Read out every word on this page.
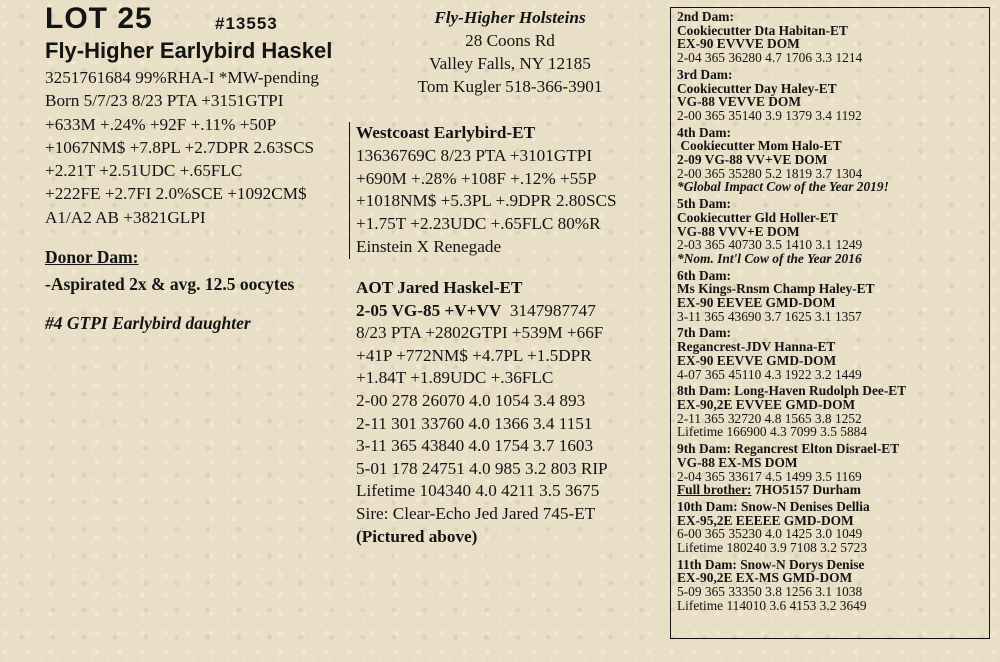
LOT 25	#13553
Fly-Higher Earlybird Haskel
3251761684 99%RHA-I *MW-pending
Born 5/7/23 8/23 PTA +3151GTPI
+633M +.24% +92F +.11% +50P
+1067NM$ +7.8PL +2.7DPR 2.63SCS
+2.21T +2.51UDC +.65FLC
+222FE +2.7FI 2.0%SCE +1092CM$
A1/A2 AB +3821GLPI
Donor Dam:
-Aspirated 2x & avg. 12.5 oocytes
#4 GTPI Earlybird daughter
Fly-Higher Holsteins
28 Coons Rd
Valley Falls, NY 12185
Tom Kugler 518-366-3901
Westcoast Earlybird-ET
13636769C 8/23 PTA +3101GTPI
+690M +.28% +108F +.12% +55P
+1018NM$ +5.3PL +.9DPR 2.80SCS
+1.75T +2.23UDC +.65FLC 80%R
Einstein X Renegade
AOT Jared Haskel-ET
2-05 VG-85 +V+VV 3147987747
8/23 PTA +2802GTPI +539M +66F
+41P +772NM$ +4.7PL +1.5DPR
+1.84T +1.89UDC +.36FLC
2-00 278 26070 4.0 1054 3.4 893
2-11 301 33760 4.0 1366 3.4 1151
3-11 365 43840 4.0 1754 3.7 1603
5-01 178 24751 4.0 985 3.2 803 RIP
Lifetime 104340 4.0 4211 3.5 3675
Sire: Clear-Echo Jed Jared 745-ET
(Pictured above)
2nd Dam:
Cookiecutter Dta Habitan-ET
EX-90 EVVVE DOM
2-04 365 36280 4.7 1706 3.3 1214
3rd Dam:
Cookiecutter Day Haley-ET
VG-88 VEVVE DOM
2-00 365 35140 3.9 1379 3.4 1192
4th Dam:
Cookiecutter Mom Halo-ET
2-09 VG-88 VV+VE DOM
2-00 365 35280 5.2 1819 3.7 1304
*Global Impact Cow of the Year 2019!
5th Dam:
Cookiecutter Gld Holler-ET
VG-88 VVV+E DOM
2-03 365 40730 3.5 1410 3.1 1249
*Nom. Int'l Cow of the Year 2016
6th Dam:
Ms Kings-Rnsm Champ Haley-ET
EX-90 EEVEE GMD-DOM
3-11 365 43690 3.7 1625 3.1 1357
7th Dam:
Regancrest-JDV Hanna-ET
EX-90 EEVVE GMD-DOM
4-07 365 45110 4.3 1922 3.2 1449
8th Dam: Long-Haven Rudolph Dee-ET
EX-90,2E EVVEE GMD-DOM
2-11 365 32720 4.8 1565 3.8 1252
Lifetime 166900 4.3 7099 3.5 5884
9th Dam: Regancrest Elton Disrael-ET
VG-88 EX-MS DOM
2-04 365 33617 4.5 1499 3.5 1169
Full brother: 7HO5157 Durham
10th Dam: Snow-N Denises Dellia
EX-95,2E EEEEE GMD-DOM
6-00 365 35230 4.0 1425 3.0 1049
Lifetime 180240 3.9 7108 3.2 5723
11th Dam: Snow-N Dorys Denise
EX-90,2E EX-MS GMD-DOM
5-09 365 33350 3.8 1256 3.1 1038
Lifetime 114010 3.6 4153 3.2 3649
